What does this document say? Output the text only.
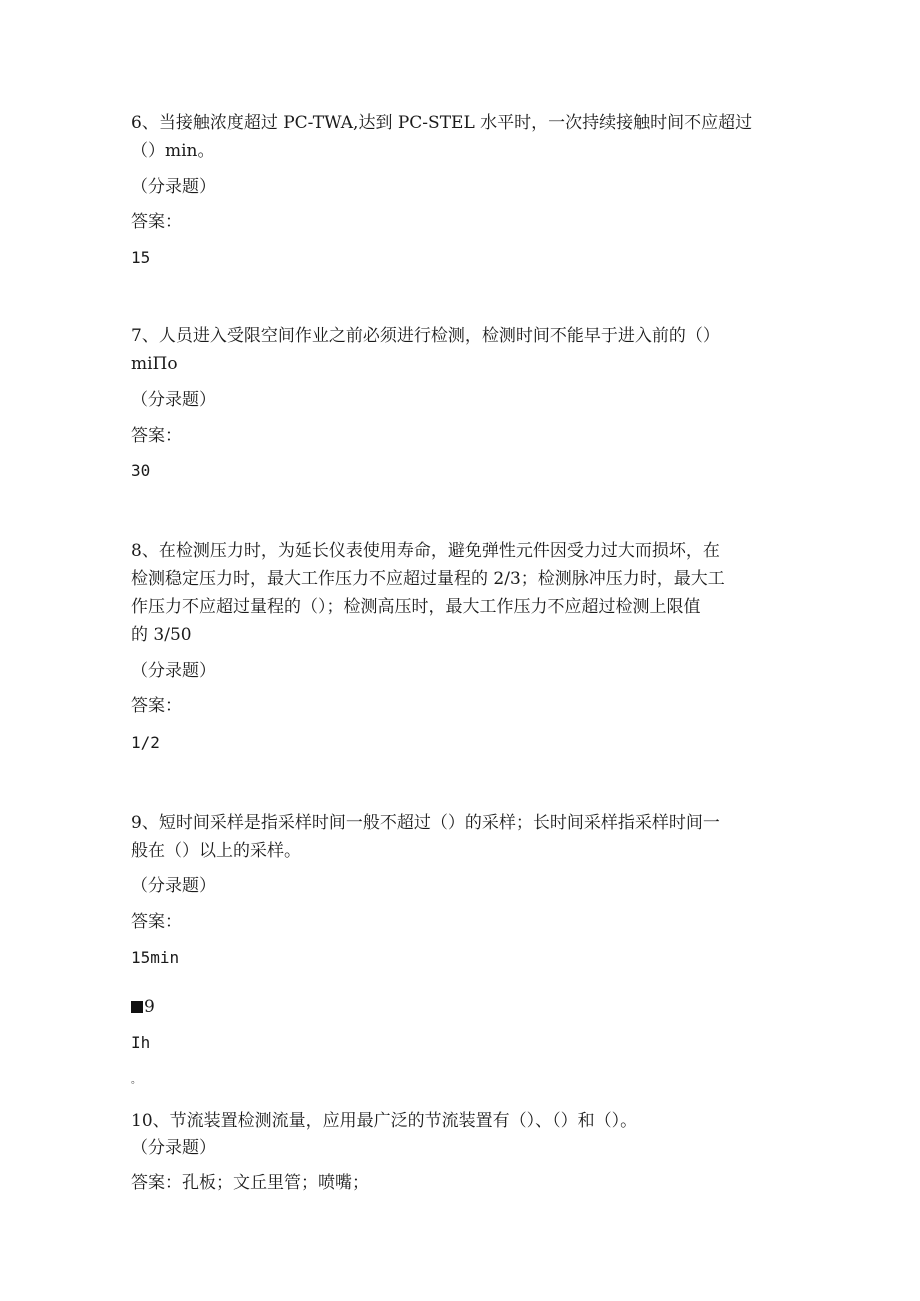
6、当接触浓度超过 PC-TWA,达到 PC-STEL 水平时，一次持续接触时间不应超过
（）min。
（分录题）
答案：
15
7、人员进入受限空间作业之前必须进行检测，检测时间不能早于进入前的（）
miΠo
（分录题）
答案：
30
8、在检测压力时，为延长仪表使用寿命，避免弹性元件因受力过大而损坏，在
检测稳定压力时，最大工作压力不应超过量程的 2/3；检测脉冲压力时，最大工
作压力不应超过量程的（）；检测高压时，最大工作压力不应超过检测上限值
的 3/50
（分录题）
答案：
1/2
9、短时间采样是指采样时间一般不超过（）的采样；长时间采样指采样时间一
般在（）以上的采样。
（分录题）
答案：
15min
9
Ih
。
10、节流装置检测流量，应用最广泛的节流装置有（）、（）和（）。
（分录题）
答案：孔板；文丘里管；喷嘴；
